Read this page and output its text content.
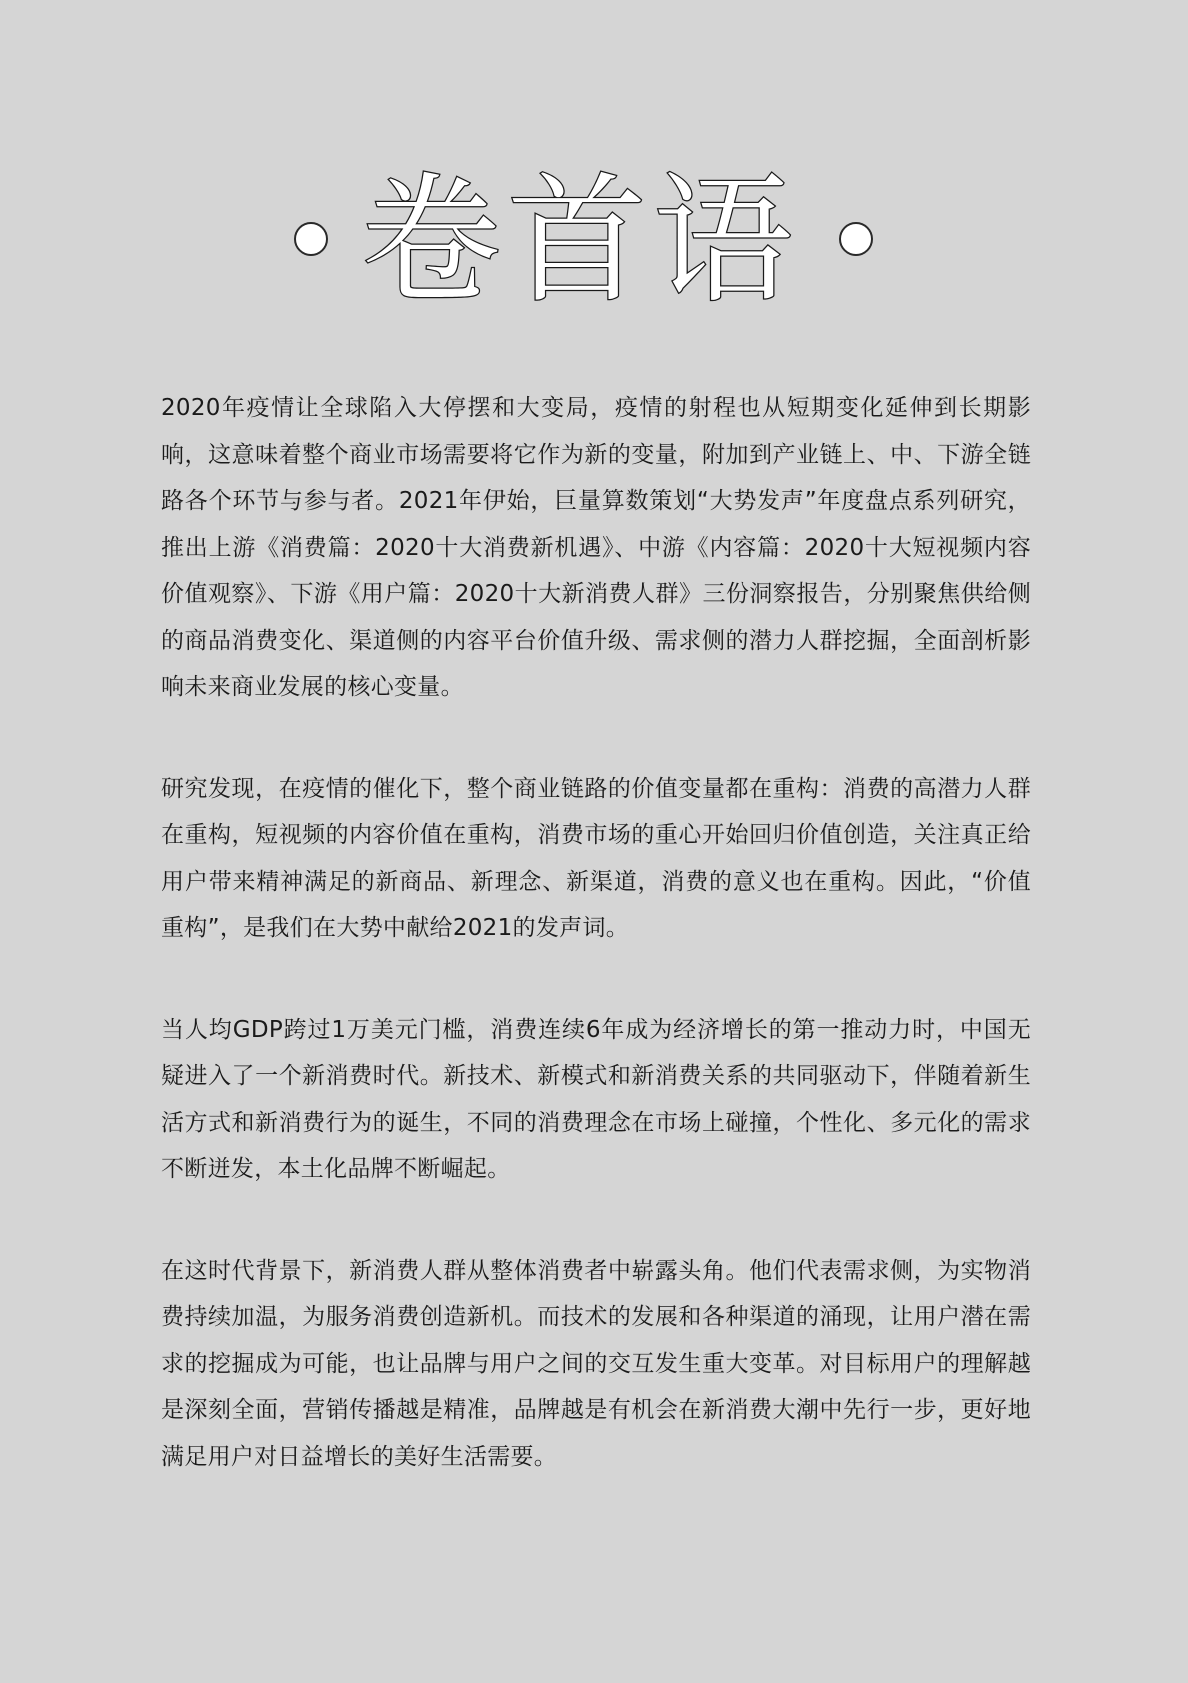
卷首语

2020年疫情让全球陷入大停摆和大变局，疫情的射程也从短期变化延伸到长期影响，这意味着整个商业市场需要将它作为新的变量，附加到产业链上、中、下游全链路各个环节与参与者。2021年伊始，巨量算数策划“大势发声”年度盘点系列研究，推出上游《消费篇：2020十大消费新机遇》、中游《内容篇：2020十大短视频内容价值观察》、下游《用户篇：2020十大新消费人群》三份洞察报告，分别聚焦供给侧的商品消费变化、渠道侧的内容平台价值升级、需求侧的潜力人群挖掘，全面剖析影响未来商业发展的核心变量。

研究发现，在疫情的催化下，整个商业链路的价值变量都在重构：消费的高潜力人群在重构，短视频的内容价值在重构，消费市场的重心开始回归价值创造，关注真正给用户带来精神满足的新商品、新理念、新渠道，消费的意义也在重构。因此，“价值重构”，是我们在大势中献给2021的发声词。

当人均GDP跨过1万美元门槛，消费连续6年成为经济增长的第一推动力时，中国无疑进入了一个新消费时代。新技术、新模式和新消费关系的共同驱动下，伴随着新生活方式和新消费行为的诞生，不同的消费理念在市场上碰撞，个性化、多元化的需求不断迸发，本土化品牌不断崛起。

在这时代背景下，新消费人群从整体消费者中崭露头角。他们代表需求侧，为实物消费持续加温，为服务消费创造新机。而技术的发展和各种渠道的涌现，让用户潜在需求的挖掘成为可能，也让品牌与用户之间的交互发生重大变革。对目标用户的理解越是深刻全面，营销传播越是精准，品牌越是有机会在新消费大潮中先行一步，更好地满足用户对日益增长的美好生活需要。
